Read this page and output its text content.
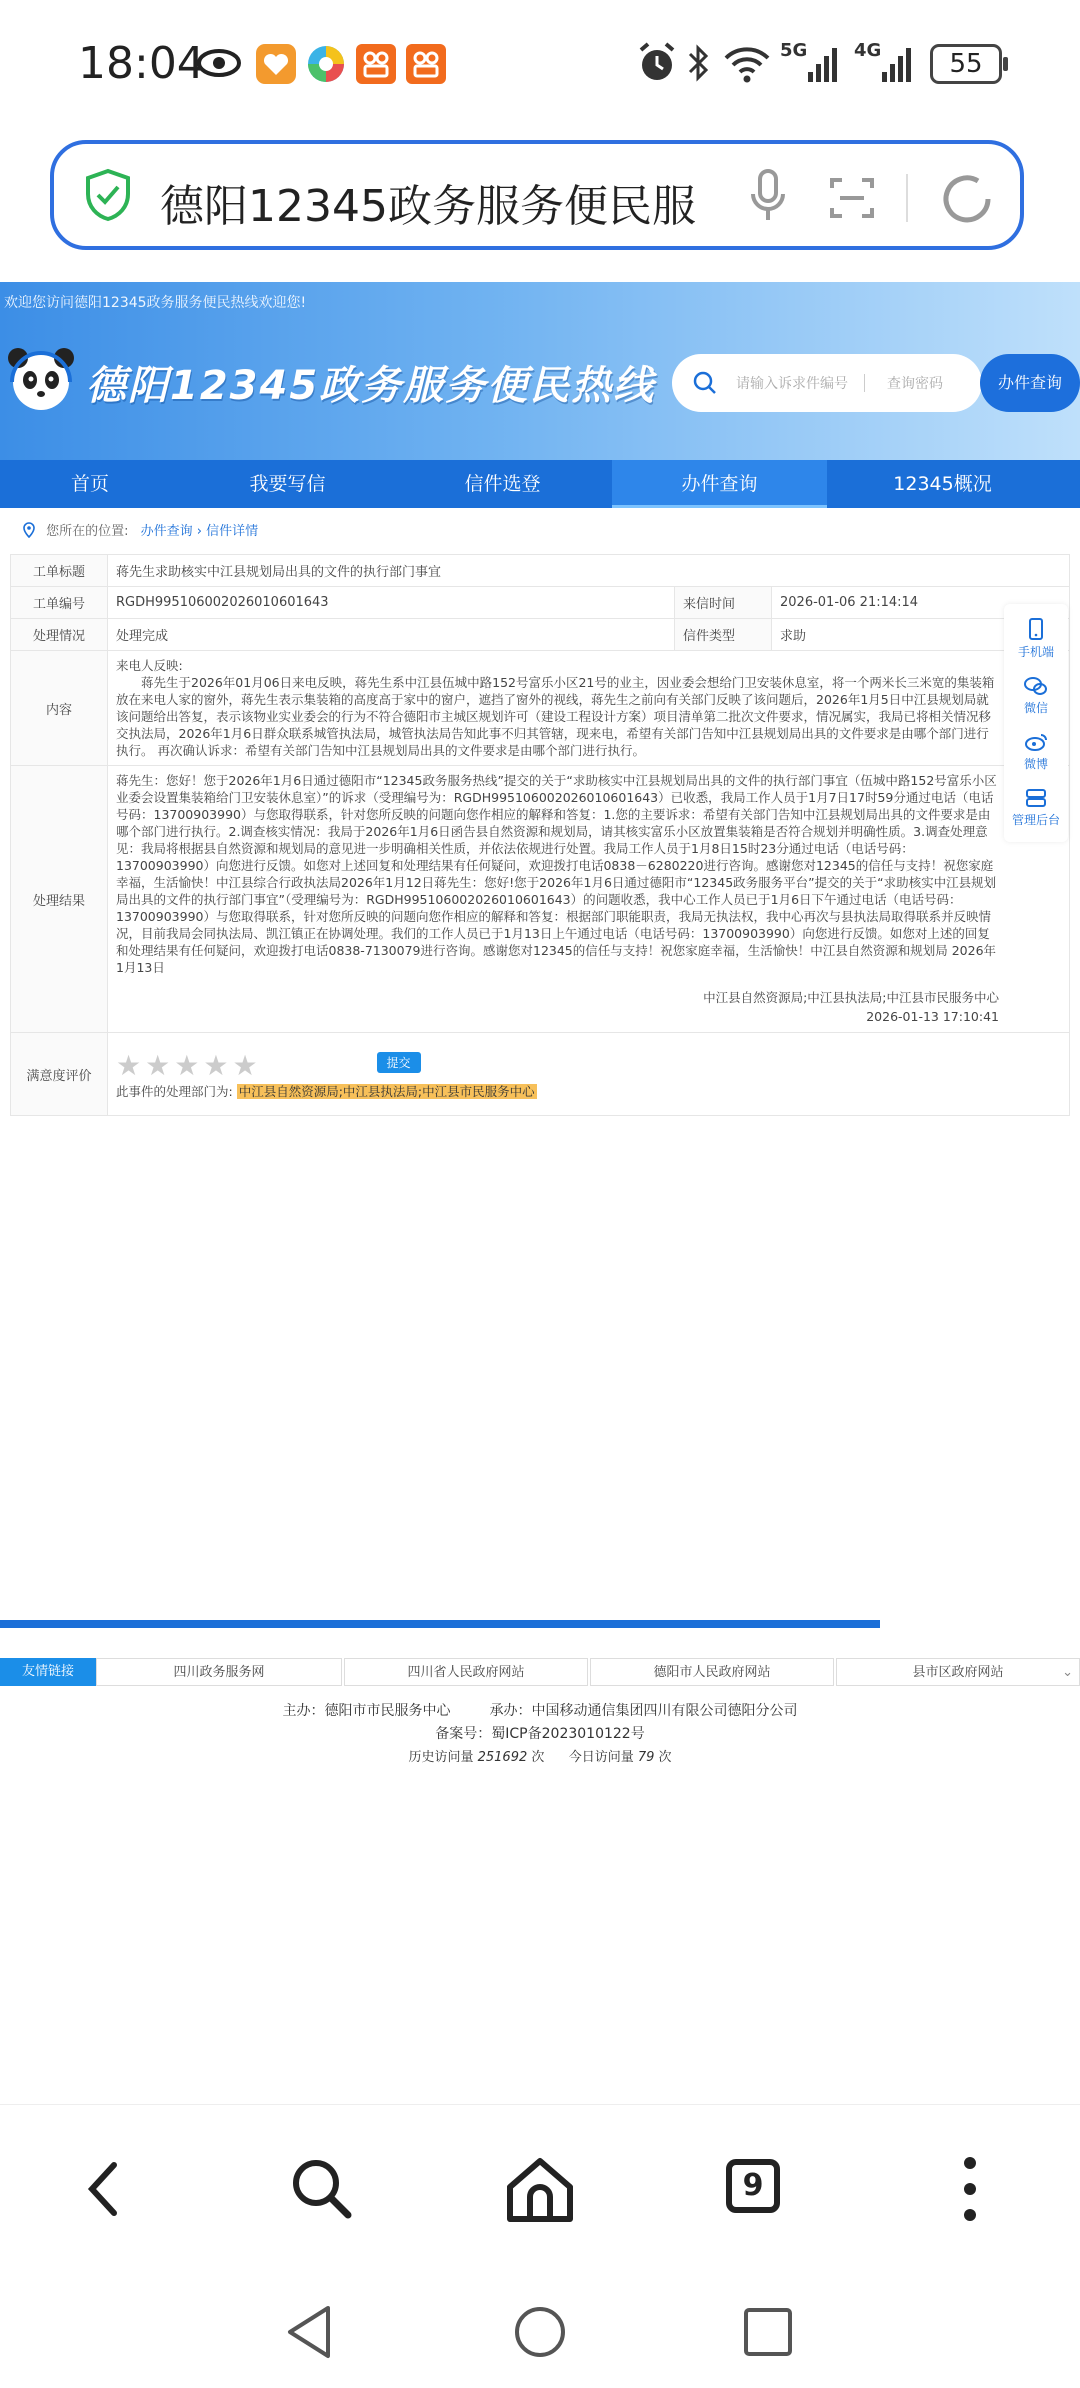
18:04	5G	4G	55
德阳12345政务服务便民服
欢迎您访问德阳12345政务服务便民热线欢迎您!
德阳12345政务服务便民热线	请输入诉求件编号	查询密码	办件查询
首页	我要写信	信件选登	办件查询	12345概况
您所在的位置: 办件查询 › 信件详情
工单标题	蒋先生求助核实中江县规划局出具的文件的执行部门事宜		
工单编号	RGDH995106002026010601643	来信时间	2026-01-06 21:14:14
处理情况	处理完成	信件类型	求助
内容	来电人反映:

　　蒋先生于2026年01月06日来电反映，蒋先生系中江县伍城中路152号富乐小区21号的业主，因业委会想给门卫安装休息室，将一个两米长三米宽的集装箱放在来电人家的窗外，蒋先生表示集装箱的高度高于家中的窗户，遮挡了窗外的视线，蒋先生之前向有关部门反映了该问题后，2026年1月5日中江县规划局就该问题给出答复，表示该物业实业委会的行为不符合德阳市主城区规划许可（建设工程设计方案）项目清单第二批次文件要求，情况属实，我局已将相关情况移交执法局，2026年1月6日群众联系城管执法局，城管执法局告知此事不归其管辖，现来电，希望有关部门告知中江县规划局出具的文件要求是由哪个部门进行执行。 再次确认诉求：希望有关部门告知中江县规划局出具的文件要求是由哪个部门进行执行。		

处理结果	蒋先生：您好！您于2026年1月6日通过德阳市“12345政务服务热线”提交的关于“求助核实中江县规划局出具的文件的执行部门事宜（伍城中路152号富乐小区业委会设置集装箱给门卫安装休息室）”的诉求（受理编号为：RGDH995106002026010601643）已收悉，我局工作人员于1月7日17时59分通过电话（电话号码：13700903990）与您取得联系，针对您所反映的问题向您作相应的解释和答复：1.您的主要诉求：希望有关部门告知中江县规划局出具的文件要求是由哪个部门进行执行。2.调查核实情况：我局于2026年1月6日函告县自然资源和规划局，请其核实富乐小区放置集装箱是否符合规划并明确性质。3.调查处理意见：我局将根据县自然资源和规划局的意见进一步明确相关性质，并依法依规进行处置。我局工作人员于1月8日15时23分通过电话（电话号码：13700903990）向您进行反馈。如您对上述回复和处理结果有任何疑问，欢迎拨打电话0838－6280220进行咨询。感谢您对12345的信任与支持！祝您家庭幸福，生活愉快！中江县综合行政执法局2026年1月12日蒋先生：您好!您于2026年1月6日通过德阳市“12345政务服务平台”提交的关于“求助核实中江县规划局出具的文件的执行部门事宜”（受理编号为：RGDH995106002026010601643）的问题收悉，我中心工作人员已于1月6日下午通过电话（电话号码：13700903990）与您取得联系，针对您所反映的问题向您作相应的解释和答复：根据部门职能职责，我局无执法权，我中心再次与县执法局取得联系并反映情况，目前我局会同执法局、凯江镇正在协调处理。我们的工作人员已于1月13日上午通过电话（电话号码：13700903990）向您进行反馈。如您对上述的回复和处理结果有任何疑问，欢迎拨打电话0838-7130079进行咨询。感谢您对12345的信任与支持！祝您家庭幸福，生活愉快！中江县自然资源和规划局 2026年1月13日
中江县自然资源局;中江县执法局;中江县市民服务中心
2026-01-13 17:10:41		

满意度评价	★ ★ ★ ★ ★ 提交
此事件的处理部门为: 中江县自然资源局;中江县执法局;中江县市民服务中心		
手机端
微信
微博
管理后台
友情链接	四川政务服务网	四川省人民政府网站	德阳市人民政府网站	县市区政府网站	⌄
主办：德阳市市民服务中心	承办：中国移动通信集团四川有限公司德阳分公司
备案号：蜀ICP备2023010122号
历史访问量 251692 次 今日访问量 79 次
9
